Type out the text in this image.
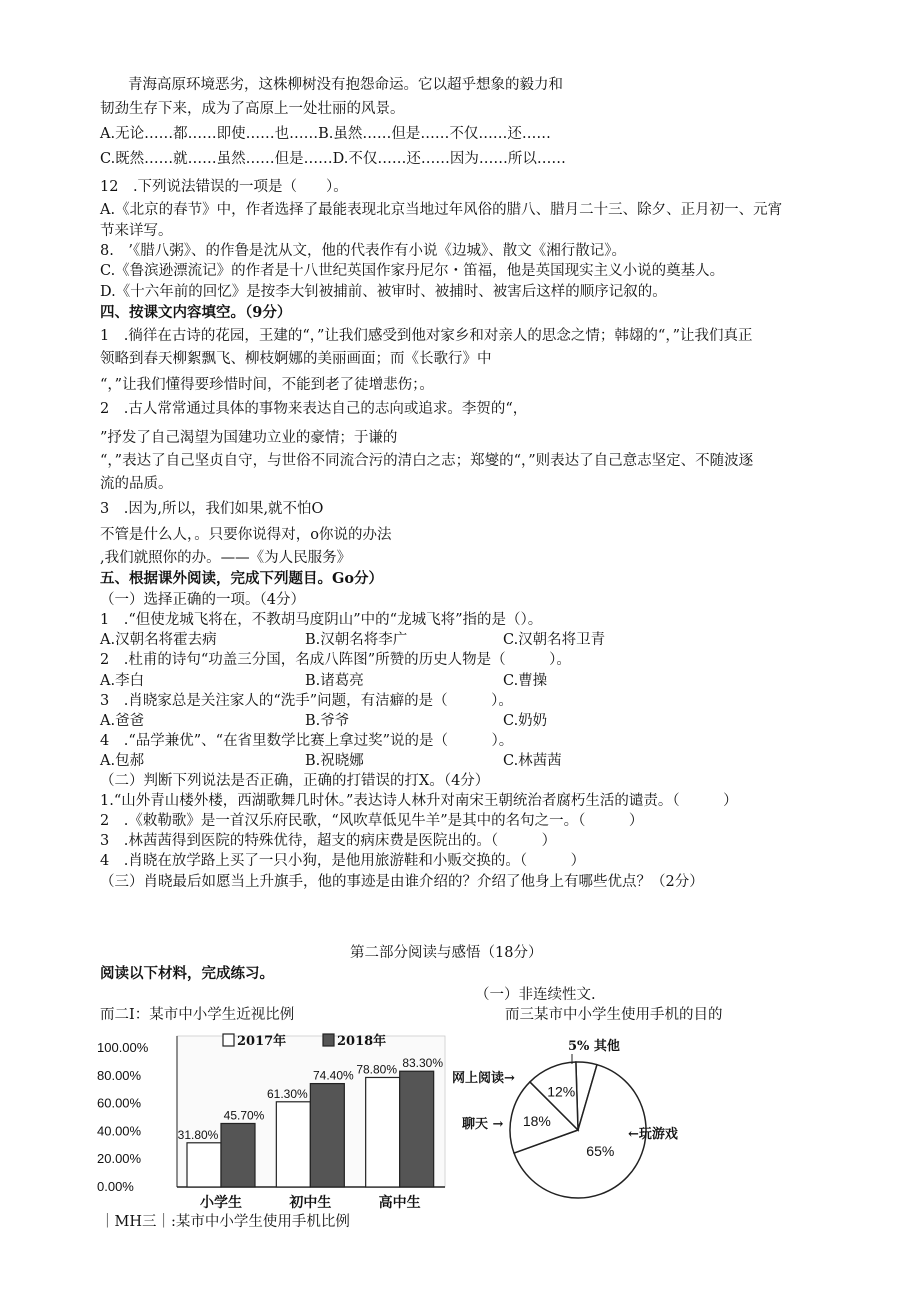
青海高原环境恶劣，这株柳树没有抱怨命运。它以超乎想象的毅力和
韧劲生存下来，成为了高原上一处壮丽的风景。
A.无论……都……即使……也……B.虽然……但是……不仅……还……
C.既然……就……虽然……但是……D.不仅……还……因为……所以……
12　.下列说法错误的一项是（　　）。
A.《北京的春节》中，作者选择了最能表现北京当地过年风俗的腊八、腊月二十三、除夕、正月初一、元宵
节来详写。
8.　’《腊八粥》、的作鲁是沈从文，他的代表作有小说《边城》、散文《湘行散记》。
C.《鲁滨逊漂流记》的作者是十八世纪英国作家丹尼尔・笛福，他是英国现实主义小说的奠基人。
D.《十六年前的回忆》是按李大钊被捕前、被审时、被捕时、被害后这样的顺序记叙的。
四、按课文内容填空。（9分）
1　.徜徉在古诗的花园，王建的“，”让我们感受到他对家乡和对亲人的思念之情；韩翃的“，”让我们真正
领略到春天柳絮飘飞、柳枝婀娜的美丽画面；而《长歌行》中
“，”让我们懂得要珍惜时间，不能到老了徒增悲伤；。
2　.古人常常通过具体的事物来表达自己的志向或追求。李贺的“，
”抒发了自己渴望为国建功立业的豪情；于谦的
“，”表达了自己坚贞自守，与世俗不同流合污的清白之志；郑燮的“，”则表达了自己意志坚定、不随波逐
流的品质。
3　.因为,所以，我们如果,就不怕O
不管是什么人，。只要你说得对，o你说的办法
,我们就照你的办。——《为人民服务》
五、根据课外阅读，完成下列题目。Go分）
（一）选择正确的一项。（4分）
1　.“但使龙城飞将在，不教胡马度阴山”中的“龙城飞将”指的是（）。
A.汉朝名将霍去病	B.汉朝名将李广	C.汉朝名将卫青
2　.杜甫的诗句“功盖三分国，名成八阵图”所赞的历史人物是（　　　）。
A.李白	B.诸葛亮	C.曹操
3　.肖晓家总是关注家人的“洗手”问题，有洁癖的是（　　　）。
A.爸爸	B.爷爷	C.奶奶
4　.“品学兼优”、“在省里数学比赛上拿过奖”说的是（　　　）。
A.包郝	B.祝晓娜	C.林茜茜
（二）判断下列说法是否正确，正确的打错误的打X。（4分）
1.“山外青山楼外楼，西湖歌舞几时休。”表达诗人林升对南宋王朝统治者腐朽生活的谴责。（　　　）
2　.《敕勒歌》是一首汉乐府民歌，“风吹草低见牛羊”是其中的名句之一。（　　　）
3　.林茜茜得到医院的特殊优待，超支的病床费是医院出的。（　　　）
4　.肖晓在放学路上买了一只小狗，是他用旅游鞋和小贩交换的。（　　　）
（三）肖晓最后如愿当上升旗手，他的事迹是由谁介绍的？介绍了他身上有哪些优点？（2分）
第二部分阅读与感悟（18分）
阅读以下材料，完成练习。
（一）非连续性文.
而二I：某市中小学生近视比例	而三某市中小学生使用手机的目的
｜MH三｜:某市中小学生使用手机比例
100.00%
80.00%
60.00%
40.00%
20.00%
0.00%
31.80%
45.70%
小学生
61.30%
74.40%
初中生
78.80% 83.30%
高中生
2017年	2018年
65%
18%
12%
5% 其他
←玩游戏
聊天 →
网上阅读→
